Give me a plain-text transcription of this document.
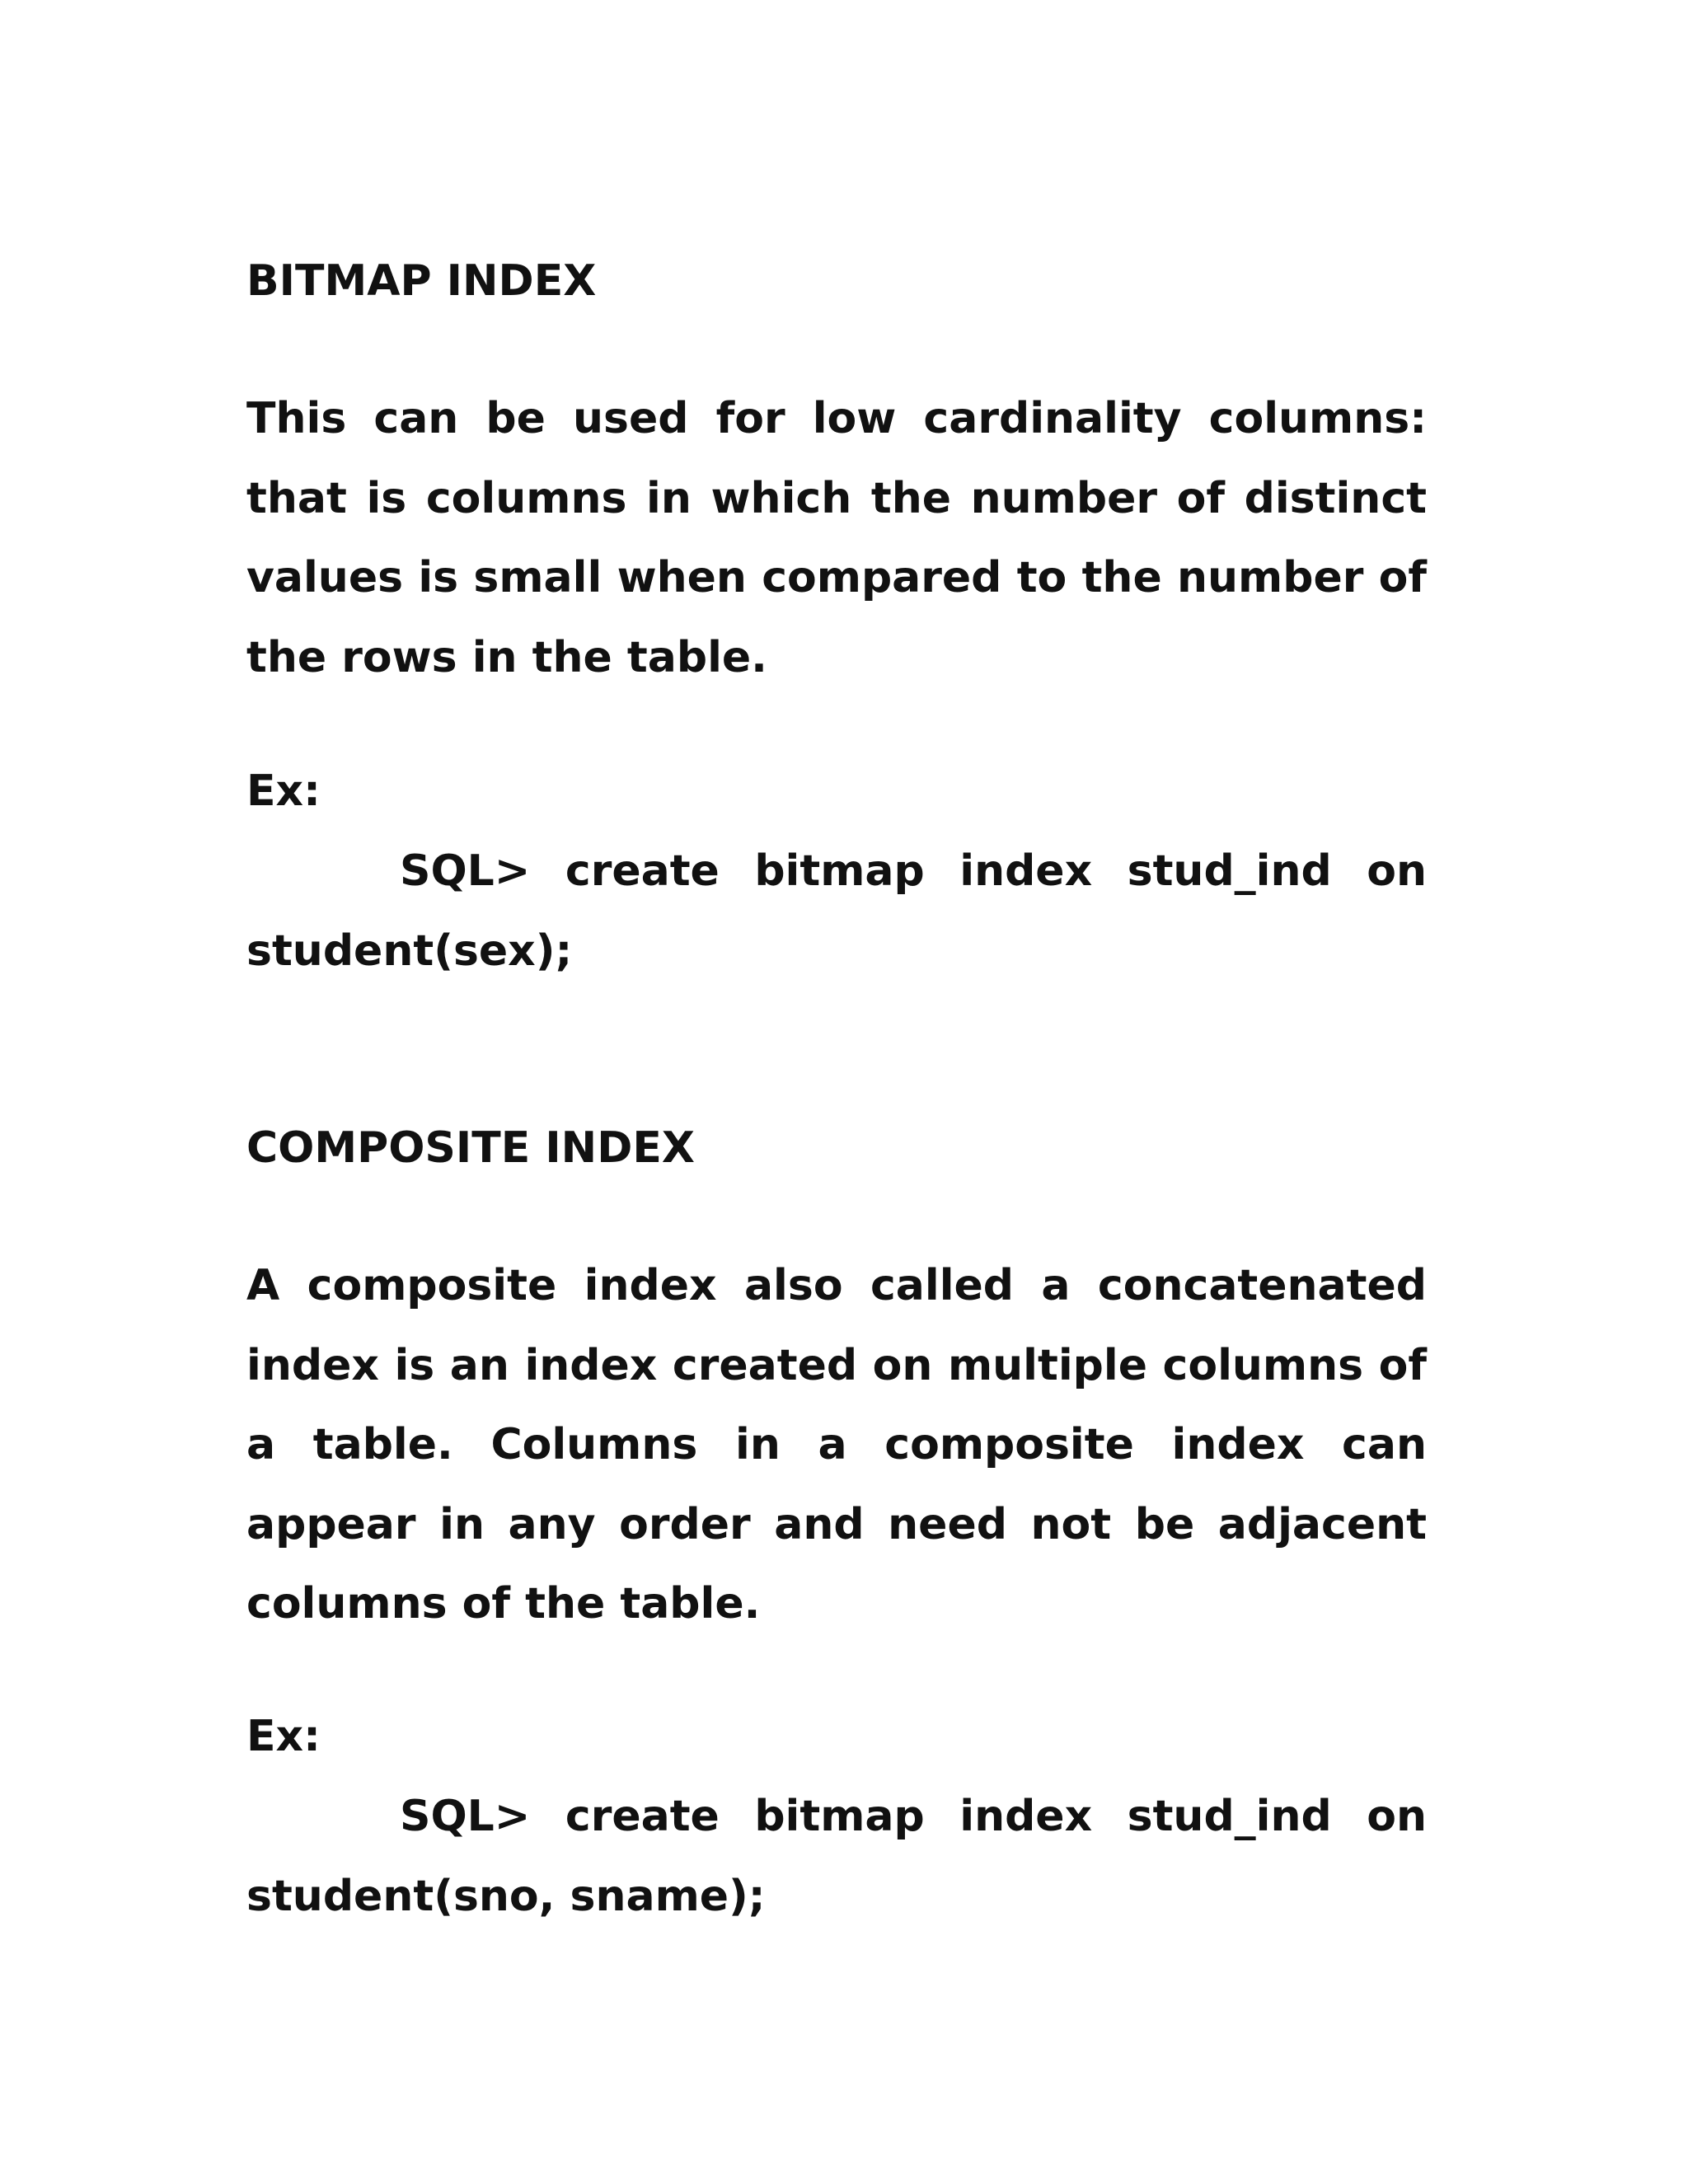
BITMAP INDEX

This can be used for low cardinality columns: that is columns in which the number of distinct values is small when compared to the number of the rows in the table.

Ex:

SQL> create bitmap index stud_ind on student(sex);

COMPOSITE INDEX

A composite index also called a concatenated index is an index created on multiple columns of a table. Columns in a composite index can appear in any order and need not be adjacent columns of the table.

Ex:

SQL> create bitmap index stud_ind on student(sno, sname);
